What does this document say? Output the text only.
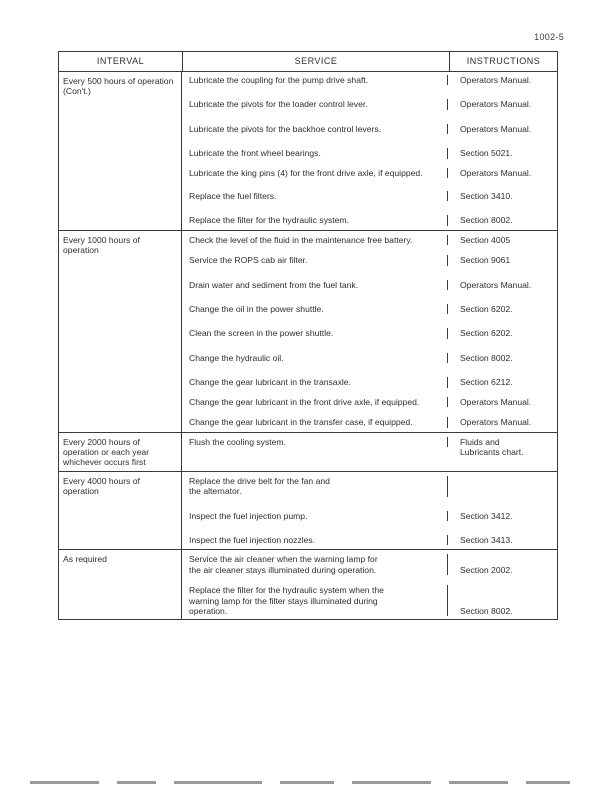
1002-5
INTERVAL	SERVICE	INSTRUCTIONS
Every 500 hours of operation (Con't.)
Lubricate the coupling for the pump drive shaft.	Operators Manual.
Lubricate the pivots for the loader control lever.	Operators Manual.
Lubricate the pivots for the backhoe control levers.	Operators Manual.
Lubricate the front wheel bearings.	Section 5021.
Lubricate the king pins (4) for the front drive axle, if equipped.	Operators Manual.
Replace the fuel filters.	Section 3410.
Replace the filter for the hydraulic system.	Section 8002.
Every 1000 hours of operation
Check the level of the fluid in the maintenance free battery.	Section 4005
Service the ROPS cab air filter.	Section 9061
Drain water and sediment from the fuel tank.	Operators Manual.
Change the oil in the power shuttle.	Section 6202.
Clean the screen in the power shuttle.	Section 6202.
Change the hydraulic oil.	Section 8002.
Change the gear lubricant in the transaxle.	Section 6212.
Change the gear lubricant in the front drive axle, if equipped.	Operators Manual.
Change the gear lubricant in the transfer case, if equipped.	Operators Manual.
Every 2000 hours of operation or each year whichever occurs first
Flush the cooling system.	Fluids and Lubricants chart.
Every 4000 hours of operation
Replace the drive belt for the fan and the alternator.
Inspect the fuel injection pump.	Section 3412.
Inspect the fuel injection nozzles.	Section 3413.
As required	Service the air cleaner when the warning lamp for the air cleaner stays illuminated during operation.	Section 2002.
Replace the filter for the hydraulic system when the warning lamp for the filter stays illuminated during operation.	Section 8002.
